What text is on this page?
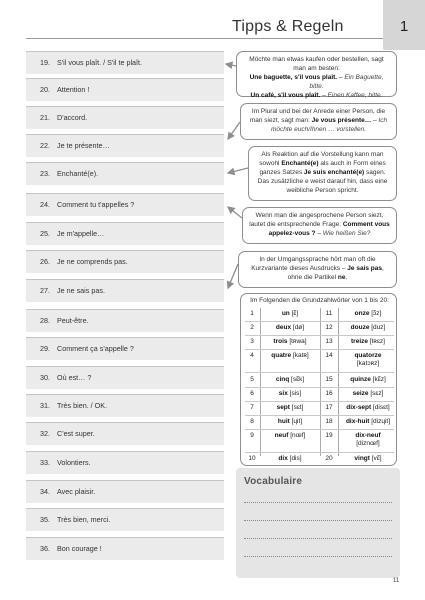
Tipps & Regeln	1
19. S'il vous plaît. / S'il te plaît.
20. Attention !
21. D'accord.
22. Je te présente…
23. Enchanté(e).
24. Comment tu t'appelles ?
25. Je m'appelle…
26. Je ne comprends pas.
27. Je ne sais pas.
28. Peut-être.
29. Comment ça s'appelle ?
30. Où est… ?
31. Très bien. / OK.
32. C'est super.
33. Volontiers.
34. Avec plaisir.
35. Très bien, merci.
36. Bon courage !
Möchte man etwas kaufen oder bestellen, sagt
man am besten:
Une baguette, s'il vous plaît. – Ein Baguette, bitte.
Un café, s'il vous plaît. – Einen Kaffee, bitte.
Im Plural und bei der Anrede einer Person, die
man siezt, sagt man: Je vous présente… – Ich
möchte euch/Ihnen … vorstellen.
Als Reaktion auf die Vorstellung kann man
sowohl Enchanté(e) als auch in Form eines
ganzes Satzes Je suis enchanté(e) sagen.
Das zusätzliche e weist darauf hin, dass eine
weibliche Person spricht.
Wenn man die angesprochene Person siezt,
lautet die entsprechende Frage: Comment vous
appelez-vous ? – Wie heißen Sie?
In der Umgangssprache hört man oft die
Kurzvariante dieses Ausdrucks – Je sais pas,
ohne die Partikel ne.
Im Folgenden die Grundzahlwörter von 1 bis 20:
1	un [ɛ̃]	11	onze [ɔ̃z]
2	deux [dø]	12	douze [duz]
3	trois [tʀwa]	13	treize [tʀɛz]
4	quatre [katʀ]	14	quatorze
[katɔʀz]
5	cinq [sɛ̃k]	15	quinze [kɛ̃z]
6	six [sis]	16	seize [sɛz]
7	sept [sɛt]	17	dix-sept [disɛt]
8	huit [ɥit]	18	dix-huit [dizɥit]
9	neuf [nœf]	19	dix-neuf
[diznœf]
10	dix [dis]	20	vingt [vɛ̃]
Vocabulaire
11
